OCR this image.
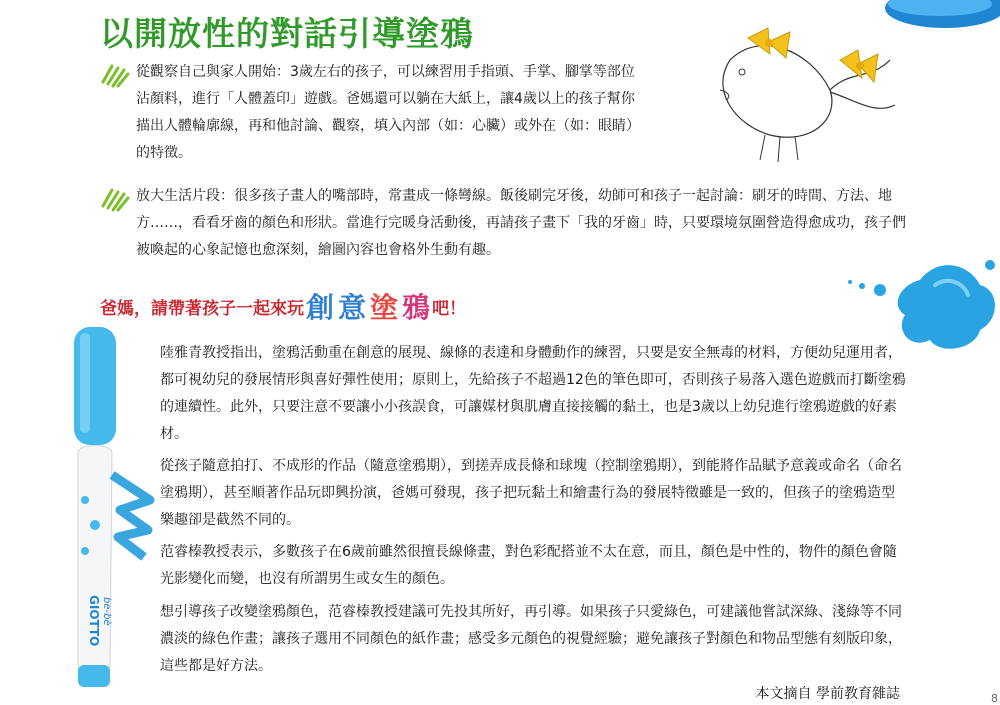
以開放性的對話引導塗鴉

從觀察自己與家人開始：3歲左右的孩子，可以練習用手指頭、手掌、腳掌等部位沾顏料，進行「人體蓋印」遊戲。爸媽還可以躺在大紙上，讓4歲以上的孩子幫你描出人體輪廓線，再和他討論、觀察，填入內部（如：心臟）或外在（如：眼睛）的特徵。

放大生活片段：很多孩子畫人的嘴部時，常畫成一條彎線。飯後刷完牙後，幼師可和孩子一起討論：刷牙的時間、方法、地方……，看看牙齒的顏色和形狀。當進行完暖身活動後，再請孩子畫下「我的牙齒」時，只要環境氛圍營造得愈成功，孩子們被喚起的心象記憶也愈深刻，繪圖內容也會格外生動有趣。

爸媽，請帶著孩子一起來玩 創 意 塗 鴉 吧！
GIOTTO be-bè

陸雅青教授指出，塗鴉活動重在創意的展現、線條的表達和身體動作的練習，只要是安全無毒的材料，方便幼兒運用者，都可視幼兒的發展情形與喜好彈性使用；原則上，先給孩子不超過12色的筆色即可，否則孩子易落入選色遊戲而打斷塗鴉的連續性。此外，只要注意不要讓小小孩誤食，可讓媒材與肌膚直接接觸的黏土，也是3歲以上幼兒進行塗鴉遊戲的好素材。

從孩子隨意拍打、不成形的作品（隨意塗鴉期），到搓弄成長條和球塊（控制塗鴉期），到能將作品賦予意義或命名（命名塗鴉期），甚至順著作品玩即興扮演，爸媽可發現，孩子把玩黏土和繪畫行為的發展特徵雖是一致的，但孩子的塗鴉造型樂趣卻是截然不同的。

范睿榛教授表示，多數孩子在6歲前雖然很擅長線條畫，對色彩配搭並不太在意，而且，顏色是中性的，物件的顏色會隨光影變化而變，也沒有所謂男生或女生的顏色。

想引導孩子改變塗鴉顏色，范睿榛教授建議可先投其所好，再引導。如果孩子只愛綠色，可建議他嘗試深綠、淺綠等不同濃淡的綠色作畫；讓孩子選用不同顏色的紙作畫；感受多元顏色的視覺經驗；避免讓孩子對顏色和物品型態有刻版印象，這些都是好方法。

本文摘自 學前教育雜誌	8
